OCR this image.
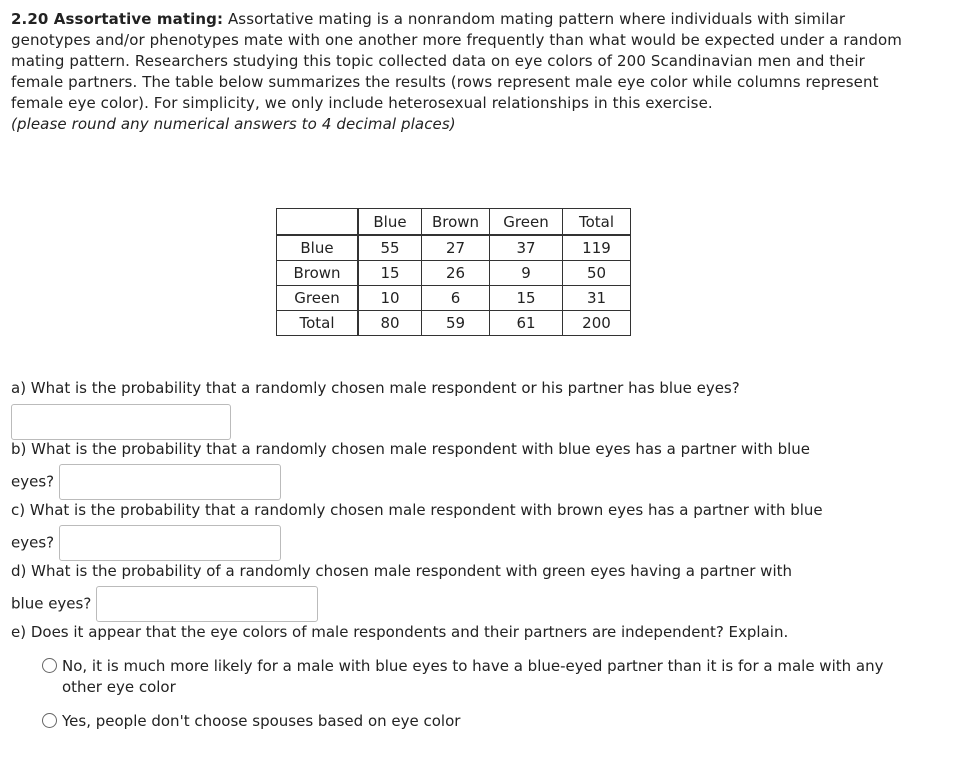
2.20 Assortative mating: Assortative mating is a nonrandom mating pattern where individuals with similar genotypes and/or phenotypes mate with one another more frequently than what would be expected under a random mating pattern. Researchers studying this topic collected data on eye colors of 200 Scandinavian men and their female partners. The table below summarizes the results (rows represent male eye color while columns represent female eye color). For simplicity, we only include heterosexual relationships in this exercise.
(please round any numerical answers to 4 decimal places)
	Blue	Brown	Green	Total
Blue	55	27	37	119
Brown	15	26	9	50
Green	10	6	15	31
Total	80	59	61	200
a) What is the probability that a randomly chosen male respondent or his partner has blue eyes?

b) What is the probability that a randomly chosen male respondent with blue eyes has a partner with blue
eyes?
c) What is the probability that a randomly chosen male respondent with brown eyes has a partner with blue
eyes?
d) What is the probability of a randomly chosen male respondent with green eyes having a partner with
blue eyes?
e) Does it appear that the eye colors of male respondents and their partners are independent? Explain.
No, it is much more likely for a male with blue eyes to have a blue-eyed partner than it is for a male with any other eye color
Yes, people don't choose spouses based on eye color
